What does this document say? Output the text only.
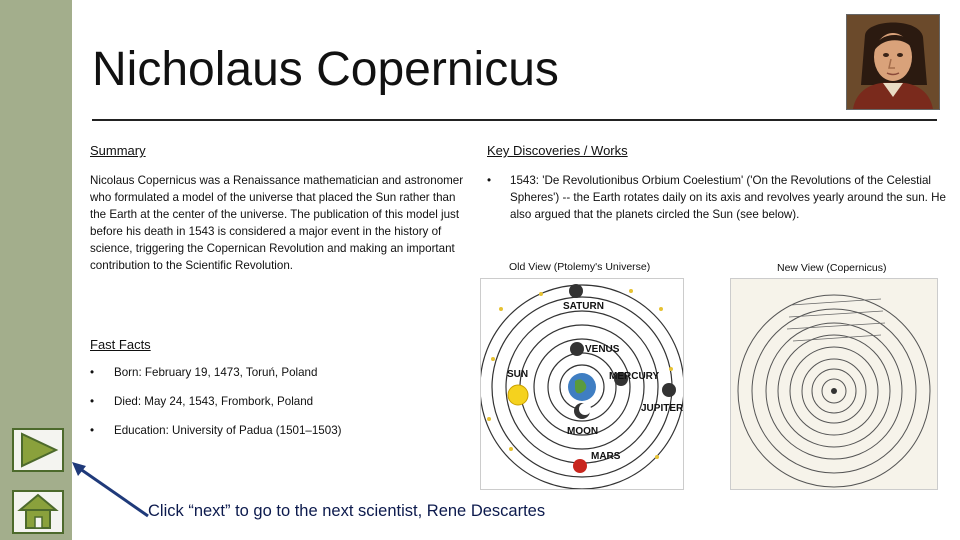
Nicholaus Copernicus
Summary
Nicolaus Copernicus was a Renaissance mathematician and astronomer who formulated a model of the universe that placed the Sun rather than the Earth at the center of the universe. The publication of this model just before his death in 1543 is considered a major event in the history of science, triggering the Copernican Revolution and making an important contribution to the Scientific Revolution.
Fast Facts
•	Born: February 19, 1473, Toruń, Poland
•	Died: May 24, 1543, Frombork, Poland
•	Education: University of Padua (1501–1503)
Key Discoveries / Works
•	1543: 'De Revolutionibus Orbium Coelestium' ('On the Revolutions of the Celestial Spheres') -- the Earth rotates daily on its axis and revolves yearly around the sun. He also argued that the planets circled the Sun (see below).
Old View (Ptolemy's Universe)	New View (Copernicus)
SATURN
VENUS
SUN	MERCURY
JUPITER
MOON
MARS
Click “next” to go to the next scientist, Rene Descartes
